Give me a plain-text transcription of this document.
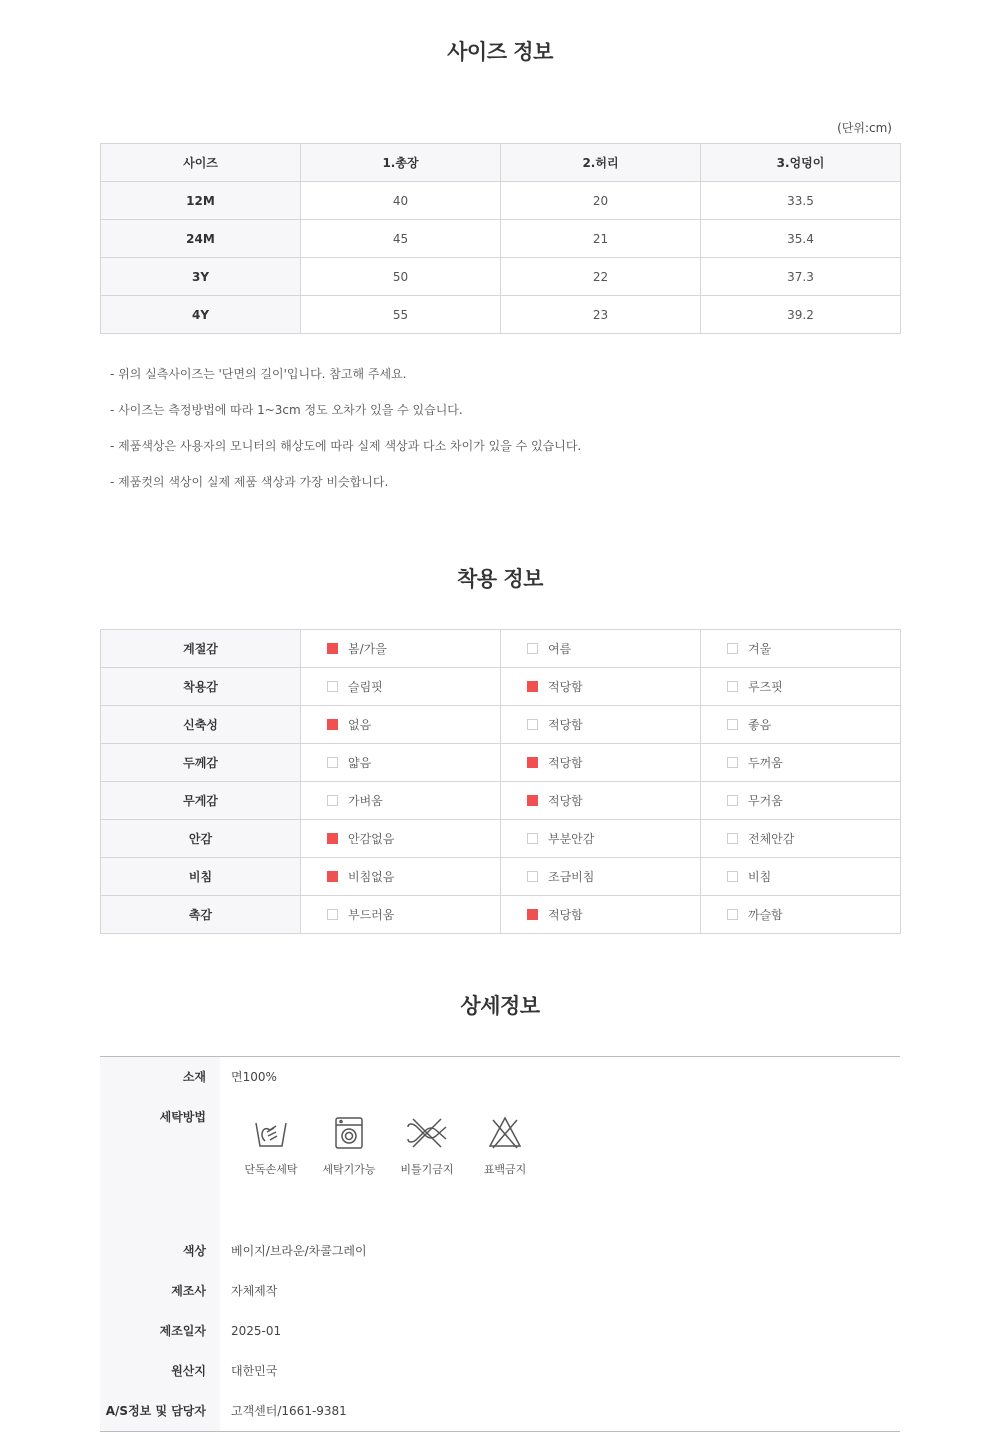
사이즈 정보
(단위:cm)
사이즈	1.총장	2.허리	3.엉덩이
12M	40	20	33.5
24M	45	21	35.4
3Y	50	22	37.3
4Y	55	23	39.2

- 위의 실측사이즈는 '단면의 길이'입니다. 참고해 주세요.

- 사이즈는 측정방법에 따라 1~3cm 정도 오차가 있을 수 있습니다.

- 제품색상은 사용자의 모니터의 해상도에 따라 실제 색상과 다소 차이가 있을 수 있습니다.

- 제품컷의 색상이 실제 제품 색상과 가장 비슷합니다.

착용 정보
계절감	봄/가을	여름	겨울
착용감	슬림핏	적당함	루즈핏
신축성	없음	적당함	좋음
두께감	얇음	적당함	두꺼움
무게감	가벼움	적당함	무거움
안감	안감없음	부분안감	전체안감
비침	비침없음	조금비침	비침
촉감	부드러움	적당함	까슬함
상세정보
소재	면100%
세탁방법
단독손세탁	세탁기가능	비틀기금지	표백금지
색상	베이지/브라운/차콜그레이
제조사	자체제작
제조일자	2025-01
원산지	대한민국
A/S정보 및 담당자	고객센터/1661-9381
